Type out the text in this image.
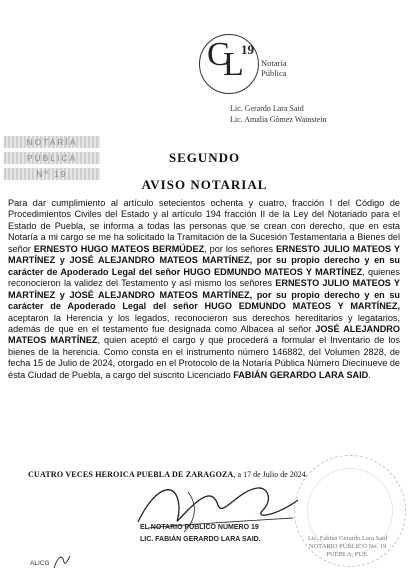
C
L
19
Notaría
Pública
Lic. Gerardo Lara Said
Lic. Amalia Gómez Wainstein
NOTARÍA
PÚBLICA
Nº 19
SEGUNDO
AVISO NOTARIAL
Para dar cumplimiento al artículo setecientos ochenta y cuatro, fracción I del Código de Procedimientos Civiles del Estado y al artículo 194 fracción II de la Ley del Notariado para el Estado de Puebla, se informa a todas las personas que se crean con derecho, que en esta Notaría a mi cargo se me ha solicitado la Tramitación de la Sucesión Testamentaria a Bienes del señor ERNESTO HUGO MATEOS BERMÚDEZ, por los señores ERNESTO JULIO MATEOS Y MARTÍNEZ y JOSÉ ALEJANDRO MATEOS MARTÍNEZ, por su propio derecho y en su carácter de Apoderado Legal del señor HUGO EDMUNDO MATEOS Y MARTÍNEZ, quienes reconocieron la validez del Testamento y así mismo los señores ERNESTO JULIO MATEOS Y MARTÍNEZ y JOSÉ ALEJANDRO MATEOS MARTÍNEZ, por su propio derecho y en su carácter de Apoderado Legal del señor HUGO EDMUNDO MATEOS Y MARTÍNEZ, aceptaron la Herencia y los legados, reconocieron sus derechos hereditarios y legatarios, además de que en el testamento fue designada como Albacea al señor JOSÉ ALEJANDRO MATEOS MARTÍNEZ, quien aceptó el cargo y que procederá a formular el Inventario de los bienes de la herencia. Como consta en el instrumento número 146882, del Volumen 2828, de fecha 15 de Julio de 2024, otorgado en el Protocolo de la Notaría Pública Número Diecinueve de ésta Ciudad de Puebla, a cargo del suscrito Licenciado FABIÁN GERARDO LARA SAID.
CUATRO VECES HEROICA PUEBLA DE ZARAGOZA, a 17 de Julio de 2024.
EL NOTARIO PÚBLICO NÚMERO 19
LIC. FABIÁN GERARDO LARA SAID.	Lic. Fabián Gerardo Lara Said
NOTARIO PÚBLICO No. 19
PUEBLA, PUE.
ALICG
